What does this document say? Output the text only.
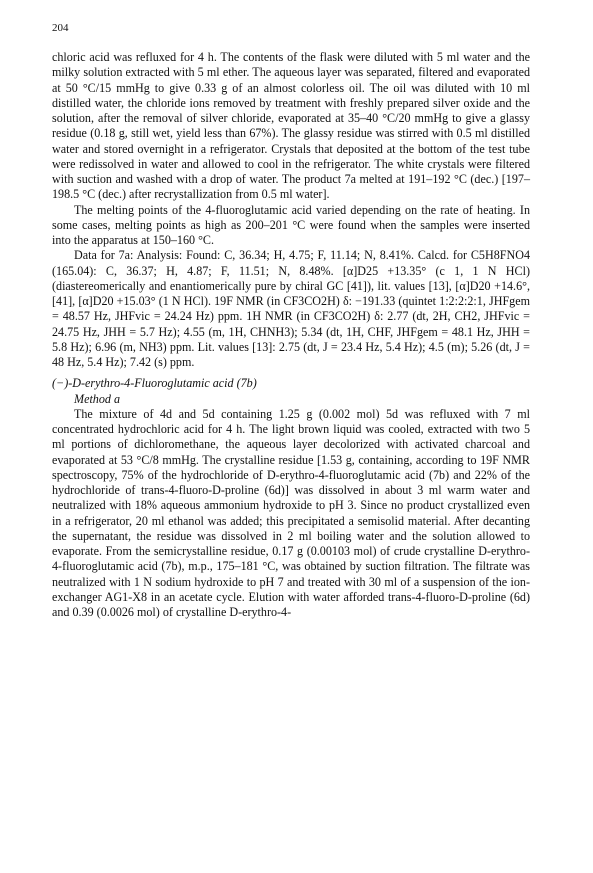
204

chloric acid was refluxed for 4 h. The contents of the flask were diluted with 5 ml water and the milky solution extracted with 5 ml ether. The aqueous layer was separated, filtered and evaporated at 50 °C/15 mmHg to give 0.33 g of an almost colorless oil. The oil was diluted with 10 ml distilled water, the chloride ions removed by treatment with freshly prepared silver oxide and the solution, after the removal of silver chloride, evaporated at 35–40 °C/20 mmHg to give a glassy residue (0.18 g, still wet, yield less than 67%). The glassy residue was stirred with 0.5 ml distilled water and stored overnight in a refrigerator. Crystals that deposited at the bottom of the test tube were redissolved in water and allowed to cool in the refrigerator. The white crystals were filtered with suction and washed with a drop of water. The product 7a melted at 191–192 °C (dec.) [197–198.5 °C (dec.) after recrystallization from 0.5 ml water].

The melting points of the 4-fluoroglutamic acid varied depending on the rate of heating. In some cases, melting points as high as 200–201 °C were found when the samples were inserted into the apparatus at 150–160 °C.

Data for 7a: Analysis: Found: C, 36.34; H, 4.75; F, 11.14; N, 8.41%. Calcd. for C5H8FNO4 (165.04): C, 36.37; H, 4.87; F, 11.51; N, 8.48%. [α]D25 +13.35° (c 1, 1 N HCl) (diastereomerically and enantiomerically pure by chiral GC [41]), lit. values [13], [α]D20 +14.6°, [41], [α]D20 +15.03° (1 N HCl). 19F NMR (in CF3CO2H) δ: −191.33 (quintet 1:2:2:2:1, JHFgem = 48.57 Hz, JHFvic = 24.24 Hz) ppm. 1H NMR (in CF3CO2H) δ: 2.77 (dt, 2H, CH2, JHFvic = 24.75 Hz, JHH = 5.7 Hz); 4.55 (m, 1H, CHNH3); 5.34 (dt, 1H, CHF, JHFgem = 48.1 Hz, JHH = 5.8 Hz); 6.96 (m, NH3) ppm. Lit. values [13]: 2.75 (dt, J = 23.4 Hz, 5.4 Hz); 4.5 (m); 5.26 (dt, J = 48 Hz, 5.4 Hz); 7.42 (s) ppm.

(−)-D-erythro-4-Fluoroglutamic acid (7b)

Method a

The mixture of 4d and 5d containing 1.25 g (0.002 mol) 5d was refluxed with 7 ml concentrated hydrochloric acid for 4 h. The light brown liquid was cooled, extracted with two 5 ml portions of dichloromethane, the aqueous layer decolorized with activated charcoal and evaporated at 53 °C/8 mmHg. The crystalline residue [1.53 g, containing, according to 19F NMR spectroscopy, 75% of the hydrochloride of D-erythro-4-fluoroglutamic acid (7b) and 22% of the hydrochloride of trans-4-fluoro-D-proline (6d)] was dissolved in about 3 ml warm water and neutralized with 18% aqueous ammonium hydroxide to pH 3. Since no product crystallized even in a refrigerator, 20 ml ethanol was added; this precipitated a semisolid material. After decanting the supernatant, the residue was dissolved in 2 ml boiling water and the solution allowed to evaporate. From the semicrystalline residue, 0.17 g (0.00103 mol) of crude crystalline D-erythro-4-fluoroglutamic acid (7b), m.p., 175–181 °C, was obtained by suction filtration. The filtrate was neutralized with 1 N sodium hydroxide to pH 7 and treated with 30 ml of a suspension of the ion-exchanger AG1-X8 in an acetate cycle. Elution with water afforded trans-4-fluoro-D-proline (6d) and 0.39 (0.0026 mol) of crystalline D-erythro-4-
